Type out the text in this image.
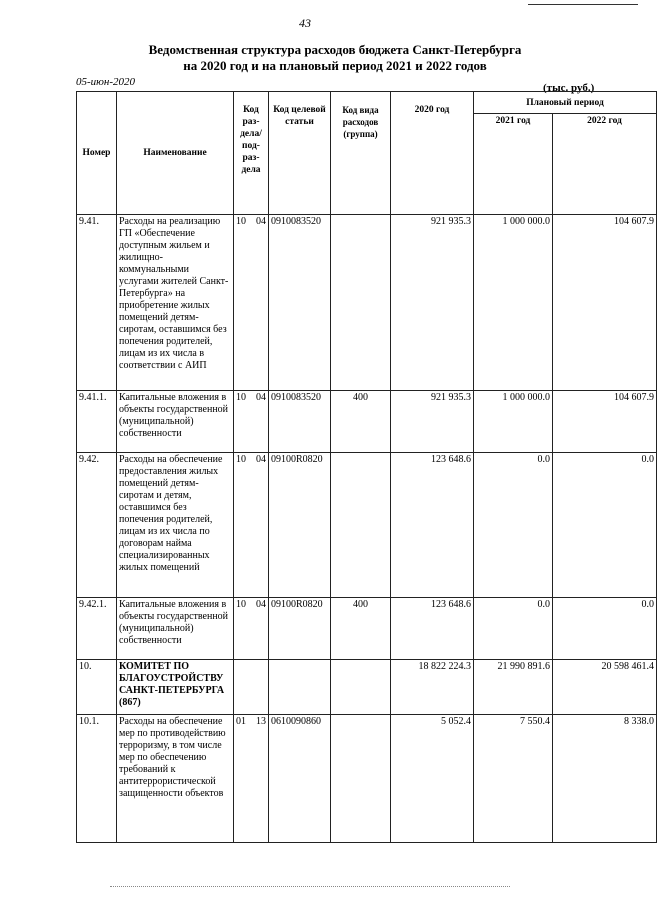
43
Ведомственная структура расходов бюджета Санкт-Петербурга
на 2020 год и на плановый период 2021 и 2022 годов
05-июн-2020	(тыс. руб.)
Номер	Наименование	Код раз-дела/ под-раз-дела	Код целевой статьи	Код вида расходов (группа)	2020 год	Плановый период	
						2021 год	2022 год
9.41.	Расходы на реализацию ГП «Обеспечение доступным жильем и жилищно-коммунальными услугами жителей Санкт-Петербурга» на приобретение жилых помещений детям-сиротам, оставшимся без попечения родителей, лицам из их числа в соответствии с АИП	10 04	0910083520		921 935.3	1 000 000.0	104 607.9
9.41.1.	Капитальные вложения в объекты государственной (муниципальной) собственности	10 04	0910083520	400	921 935.3	1 000 000.0	104 607.9
9.42.	Расходы на обеспечение предоставления жилых помещений детям-сиротам и детям, оставшимся без попечения родителей, лицам из их числа по договорам найма специализированных жилых помещений	10 04	09100R0820		123 648.6	0.0	0.0
9.42.1.	Капитальные вложения в объекты государственной (муниципальной) собственности	10 04	09100R0820	400	123 648.6	0.0	0.0
10.	КОМИТЕТ ПО БЛАГОУСТРОЙСТВУ САНКТ-ПЕТЕРБУРГА (867)				18 822 224.3	21 990 891.6	20 598 461.4
10.1.	Расходы на обеспечение мер по противодействию терроризму, в том числе мер по обеспечению требований к антитеррористической защищенности объектов	01 13	0610090860		5 052.4	7 550.4	8 338.0
